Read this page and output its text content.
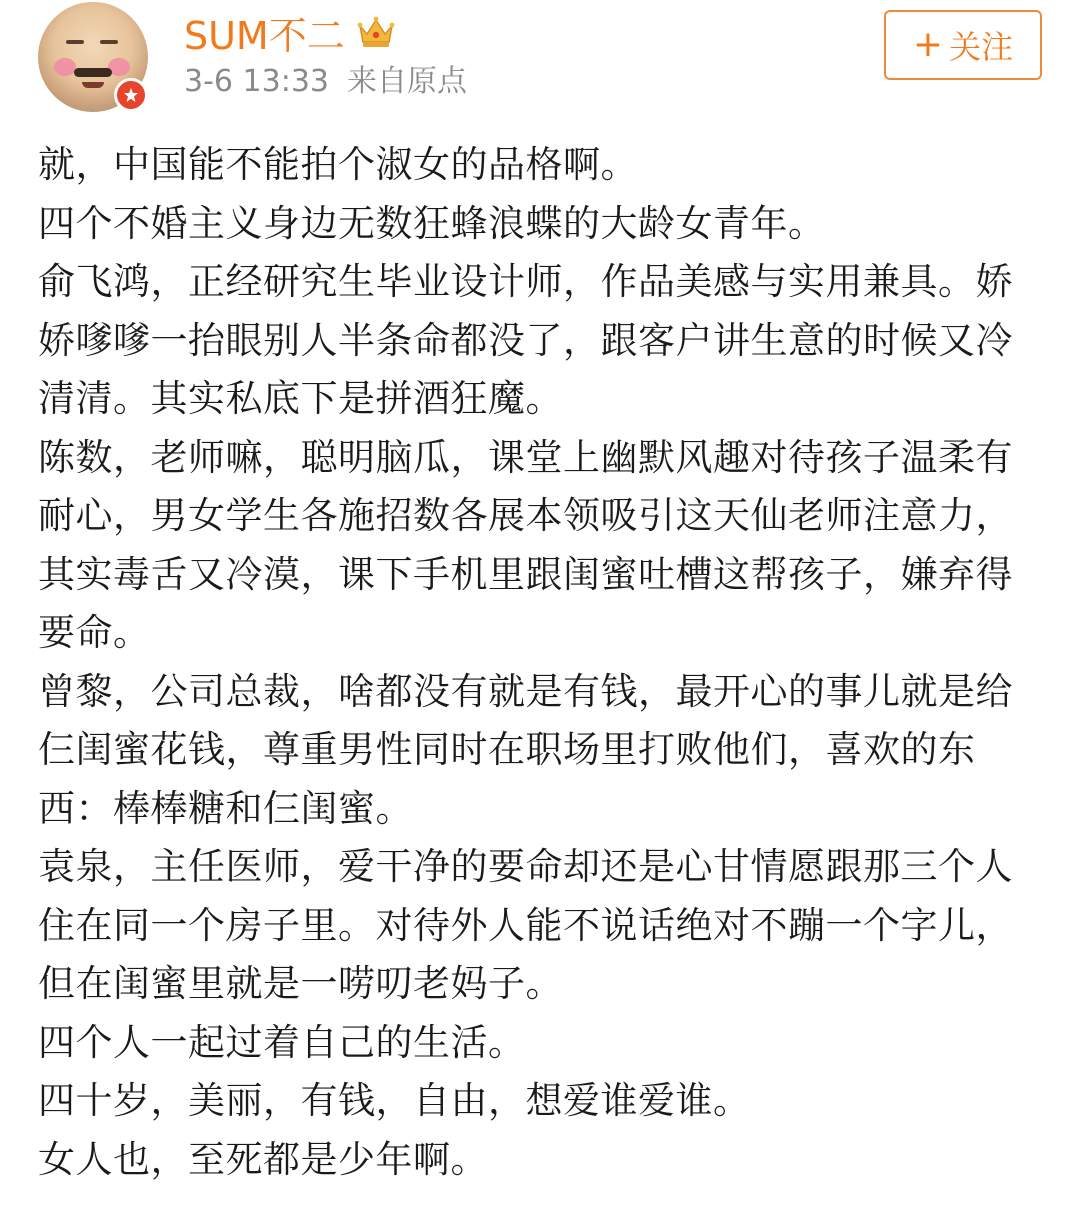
SUM不二
3-6 13:33 来自原点
+ 关注

就，中国能不能拍个淑女的品格啊。

四个不婚主义身边无数狂蜂浪蝶的大龄女青年。

俞飞鸿，正经研究生毕业设计师，作品美感与实用兼具。娇娇嗲嗲一抬眼别人半条命都没了，跟客户讲生意的时候又冷清清。其实私底下是拼酒狂魔。

陈数，老师嘛，聪明脑瓜，课堂上幽默风趣对待孩子温柔有耐心，男女学生各施招数各展本领吸引这天仙老师注意力，其实毒舌又冷漠，课下手机里跟闺蜜吐槽这帮孩子，嫌弃得要命。

曾黎，公司总裁，啥都没有就是有钱，最开心的事儿就是给仨闺蜜花钱，尊重男性同时在职场里打败他们，喜欢的东西：棒棒糖和仨闺蜜。

袁泉，主任医师，爱干净的要命却还是心甘情愿跟那三个人住在同一个房子里。对待外人能不说话绝对不蹦一个字儿，但在闺蜜里就是一唠叨老妈子。

四个人一起过着自己的生活。

四十岁，美丽，有钱，自由，想爱谁爱谁。

女人也，至死都是少年啊。
